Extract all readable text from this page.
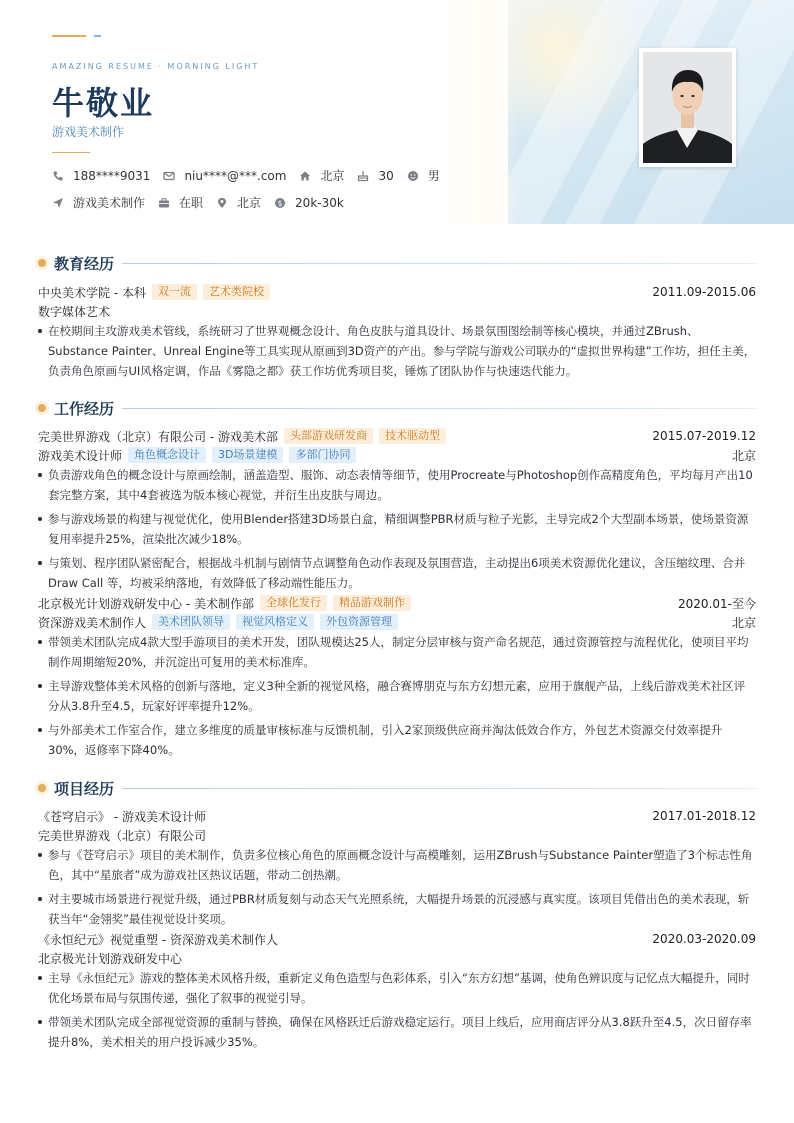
AMAZING RESUME · MORNING LIGHT
牛敬业
游戏美术制作
188****9031	niu****@***.com	北京	30	男
游戏美术制作	在职	北京 $ 20k-30k
教育经历
中央美术学院 - 本科	双一流	艺术类院校	2011.09-2015.06
数字媒体艺术
在校期间主攻游戏美术管线，系统研习了世界观概念设计、角色皮肤与道具设计、场景氛围图绘制等核心模块，并通过ZBrush、Substance Painter、Unreal Engine等工具实现从原画到3D资产的产出。参与学院与游戏公司联办的“虚拟世界构建”工作坊，担任主美，负责角色原画与UI风格定调，作品《雾隐之都》获工作坊优秀项目奖，锤炼了团队协作与快速迭代能力。
工作经历
完美世界游戏（北京）有限公司 - 游戏美术部	头部游戏研发商	技术驱动型	2015.07-2019.12
游戏美术设计师	角色概念设计	3D场景建模	多部门协同	北京
负责游戏角色的概念设计与原画绘制，涵盖造型、服饰、动态表情等细节，使用Procreate与Photoshop创作高精度角色，平均每月产出10套完整方案，其中4套被选为版本核心视觉，并衍生出皮肤与周边。
参与游戏场景的构建与视觉优化，使用Blender搭建3D场景白盒，精细调整PBR材质与粒子光影，主导完成2个大型副本场景，使场景资源复用率提升25%，渲染批次减少18%。
与策划、程序团队紧密配合，根据战斗机制与剧情节点调整角色动作表现及氛围营造，主动提出6项美术资源优化建议，含压缩纹理、合并 Draw Call 等，均被采纳落地，有效降低了移动端性能压力。
北京极光计划游戏研发中心 - 美术制作部	全球化发行	精品游戏制作	2020.01-至今
资深游戏美术制作人	美术团队领导	视觉风格定义	外包资源管理	北京
带领美术团队完成4款大型手游项目的美术开发，团队规模达25人，制定分层审核与资产命名规范，通过资源管控与流程优化，使项目平均制作周期缩短20%，并沉淀出可复用的美术标准库。
主导游戏整体美术风格的创新与落地，定义3种全新的视觉风格，融合赛博朋克与东方幻想元素，应用于旗舰产品，上线后游戏美术社区评分从3.8升至4.5，玩家好评率提升12%。
与外部美术工作室合作，建立多维度的质量审核标准与反馈机制，引入2家顶级供应商并淘汰低效合作方，外包艺术资源交付效率提升30%，返修率下降40%。
项目经历
《苍穹启示》 - 游戏美术设计师	2017.01-2018.12
完美世界游戏（北京）有限公司
参与《苍穹启示》项目的美术制作，负责多位核心角色的原画概念设计与高模雕刻，运用ZBrush与Substance Painter塑造了3个标志性角色，其中“星旅者”成为游戏社区热议话题，带动二创热潮。
对主要城市场景进行视觉升级，通过PBR材质复刻与动态天气光照系统，大幅提升场景的沉浸感与真实度。该项目凭借出色的美术表现，斩获当年“金翎奖”最佳视觉设计奖项。
《永恒纪元》视觉重塑 - 资深游戏美术制作人	2020.03-2020.09
北京极光计划游戏研发中心
主导《永恒纪元》游戏的整体美术风格升级，重新定义角色造型与色彩体系，引入“东方幻想”基调，使角色辨识度与记忆点大幅提升，同时优化场景布局与氛围传递，强化了叙事的视觉引导。
带领美术团队完成全部视觉资源的重制与替换，确保在风格跃迁后游戏稳定运行。项目上线后，应用商店评分从3.8跃升至4.5，次日留存率提升8%，美术相关的用户投诉减少35%。
